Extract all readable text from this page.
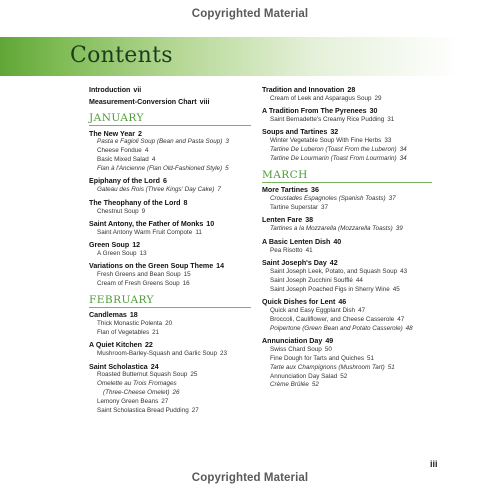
Copyrighted Material
Contents
Introduction vii
Measurement-Conversion Chart viii
JANUARY
The New Year 2
Pasta e Fagioli Soup (Bean and Pasta Soup) 3
Cheese Fondue 4
Basic Mixed Salad 4
Flan à l'Ancienne (Flan Old-Fashioned Style) 5
Epiphany of the Lord 6
Gateau des Rois (Three Kings' Day Cake) 7
The Theophany of the Lord 8
Chestnut Soup 9
Saint Antony, the Father of Monks 10
Saint Antony Warm Fruit Compote 11
Green Soup 12
A Green Soup 13
Variations on the Green Soup Theme 14
Fresh Greens and Bean Soup 15
Cream of Fresh Greens Soup 16
FEBRUARY
Candlemas 18
Thick Monastic Polenta 20
Flan of Vegetables 21
A Quiet Kitchen 22
Mushroom-Barley-Squash and Garlic Soup 23
Saint Scholastica 24
Roasted Butternut Squash Soup 25
Omelette au Trois Fromages
(Three-Cheese Omelet) 26
Lemony Green Beans 27
Saint Scholastica Bread Pudding 27
Tradition and Innovation 28
Cream of Leek and Asparagus Soup 29
A Tradition From The Pyrenees 30
Saint Bernadette's Creamy Rice Pudding 31
Soups and Tartines 32
Winter Vegetable Soup With Fine Herbs 33
Tartine De Luberon (Toast From the Luberon) 34
Tartine De Lourmarin (Toast From Lourmarin) 34
MARCH
More Tartines 36
Croustades Espagnoles (Spanish Toasts) 37
Tartine Superstar 37
Lenten Fare 38
Tartines a la Mozzarella (Mozzarella Toasts) 39
A Basic Lenten Dish 40
Pea Risotto 41
Saint Joseph's Day 42
Saint Joseph Leek, Potato, and Squash Soup 43
Saint Joseph Zucchini Soufflé 44
Saint Joseph Poached Figs in Sherry Wine 45
Quick Dishes for Lent 46
Quick and Easy Eggplant Dish 47
Broccoli, Cauliflower, and Cheese Casserole 47
Poipertone (Green Bean and Potato Casserole) 48
Annunciation Day 49
Swiss Chard Soup 50
Fine Dough for Tarts and Quiches 51
Tarte aux Champignons (Mushroom Tart) 51
Annunciation Day Salad 52
Crème Brûlée 52
iii
Copyrighted Material
